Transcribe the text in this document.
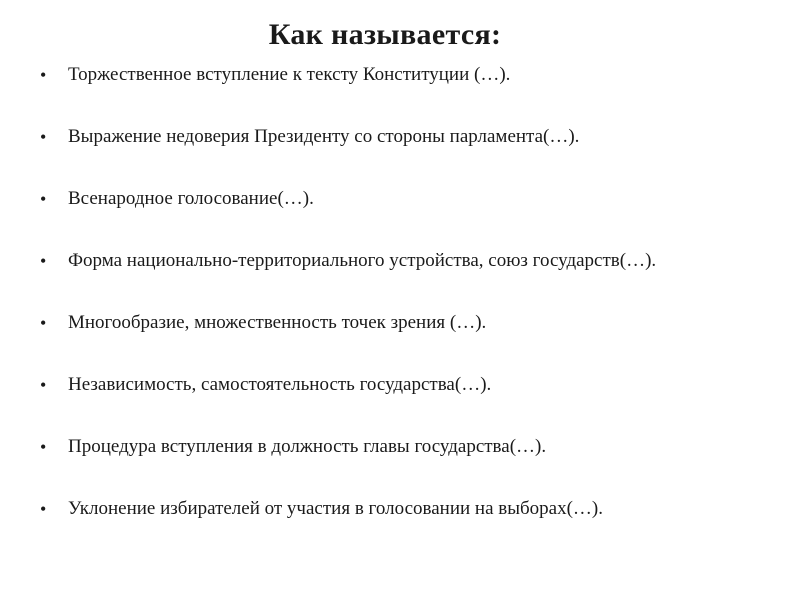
Как называется:
• Торжественное вступление к тексту Конституции (…).
• Выражение недоверия Президенту со стороны парламента(…).
• Всенародное голосование(…).
• Форма национально-территориального устройства, союз государств(…).
• Многообразие, множественность точек зрения (…).
• Независимость, самостоятельность государства(…).
• Процедура вступления в должность главы государства(…).
• Уклонение избирателей от участия в голосовании на выборах(…).
